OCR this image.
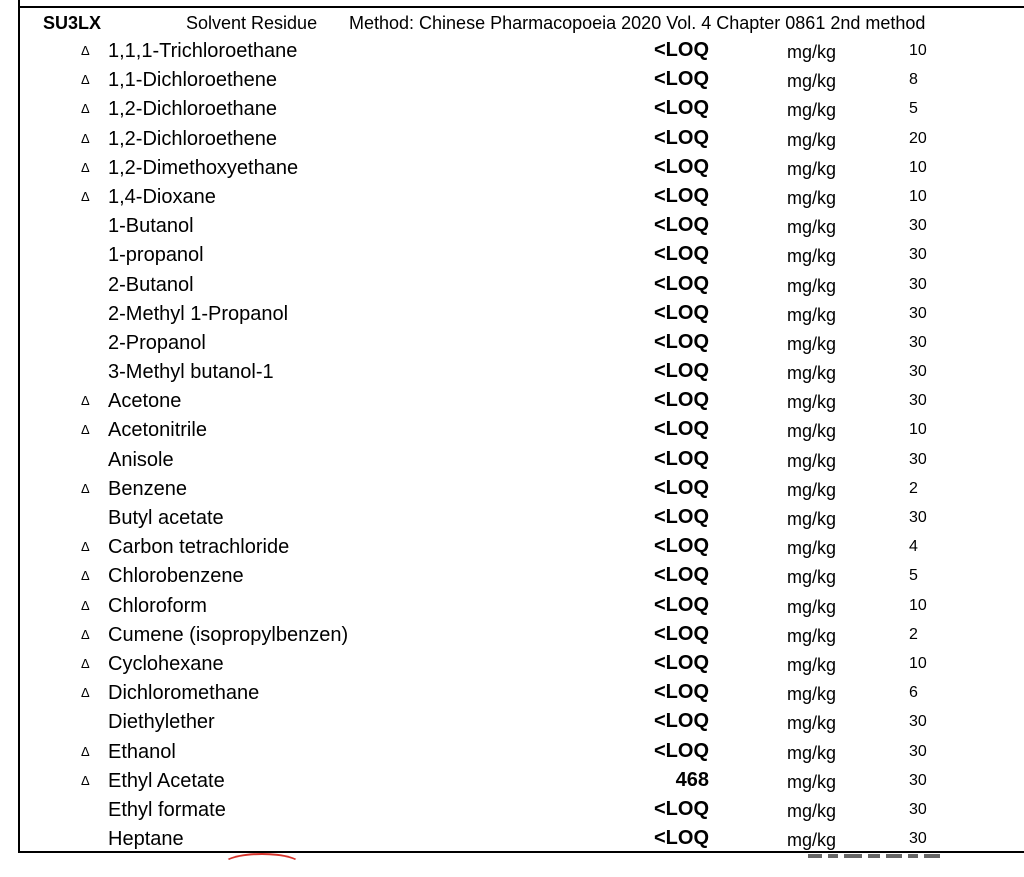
SU3LX	Solvent Residue Method: Chinese Pharmacopoeia 2020 Vol. 4 Chapter 0861 2nd method
Δ 1,1,1-Trichloroethane	<LOQ	mg/kg	10
Δ 1,1-Dichloroethene	<LOQ	mg/kg	8
Δ 1,2-Dichloroethane	<LOQ	mg/kg	5
Δ 1,2-Dichloroethene	<LOQ	mg/kg	20
Δ 1,2-Dimethoxyethane	<LOQ	mg/kg	10
Δ 1,4-Dioxane	<LOQ	mg/kg	10
1-Butanol	<LOQ	mg/kg	30
1-propanol	<LOQ	mg/kg	30
2-Butanol	<LOQ	mg/kg	30
2-Methyl 1-Propanol	<LOQ	mg/kg	30
2-Propanol	<LOQ	mg/kg	30
3-Methyl butanol-1	<LOQ	mg/kg	30
Δ Acetone	<LOQ	mg/kg	30
Δ Acetonitrile	<LOQ	mg/kg	10
Anisole	<LOQ	mg/kg	30
Δ Benzene	<LOQ	mg/kg	2
Butyl acetate	<LOQ	mg/kg	30
Δ Carbon tetrachloride	<LOQ	mg/kg	4
Δ Chlorobenzene	<LOQ	mg/kg	5
Δ Chloroform	<LOQ	mg/kg	10
Δ Cumene (isopropylbenzen)	<LOQ	mg/kg	2
Δ Cyclohexane	<LOQ	mg/kg	10
Δ Dichloromethane	<LOQ	mg/kg	6
Diethylether	<LOQ	mg/kg	30
Δ Ethanol	<LOQ	mg/kg	30
Δ Ethyl Acetate	468	mg/kg	30
Ethyl formate	<LOQ	mg/kg	30
Heptane	<LOQ	mg/kg	30
